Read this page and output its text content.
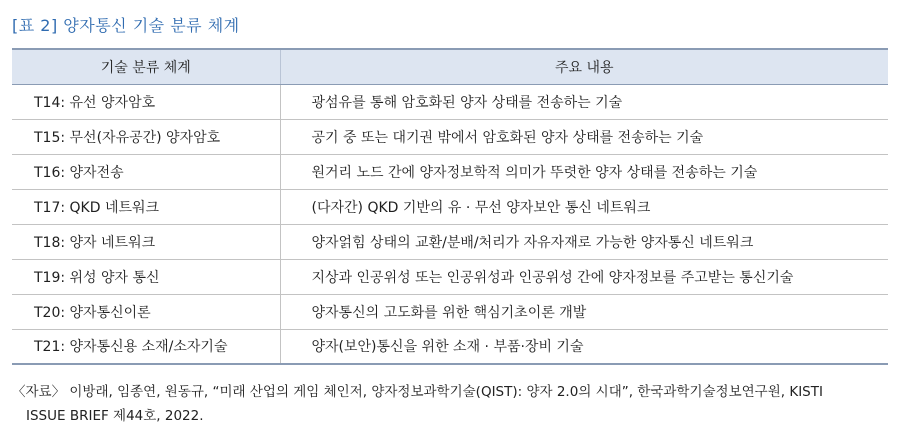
[표 2] 양자통신 기술 분류 체계
기술 분류 체계	주요 내용
T14: 유선 양자암호	광섬유를 통해 암호화된 양자 상태를 전송하는 기술
T15: 무선(자유공간) 양자암호	공기 중 또는 대기권 밖에서 암호화된 양자 상태를 전송하는 기술
T16: 양자전송	원거리 노드 간에 양자정보학적 의미가 뚜렷한 양자 상태를 전송하는 기술
T17: QKD 네트워크	(다자간) QKD 기반의 유 · 무선 양자보안 통신 네트워크
T18: 양자 네트워크	양자얽힘 상태의 교환/분배/처리가 자유자재로 가능한 양자통신 네트워크
T19: 위성 양자 통신	지상과 인공위성 또는 인공위성과 인공위성 간에 양자정보를 주고받는 통신기술
T20: 양자통신이론	양자통신의 고도화를 위한 핵심기초이론 개발
T21: 양자통신용 소재/소자기술	양자(보안)통신을 위한 소재 · 부품·장비 기술
〈자료〉 이방래, 임종연, 원동규, “미래 산업의 게임 체인저, 양자정보과학기술(QIST): 양자 2.0의 시대”, 한국과학기술정보연구원, KISTI
ISSUE BRIEF 제44호, 2022.
